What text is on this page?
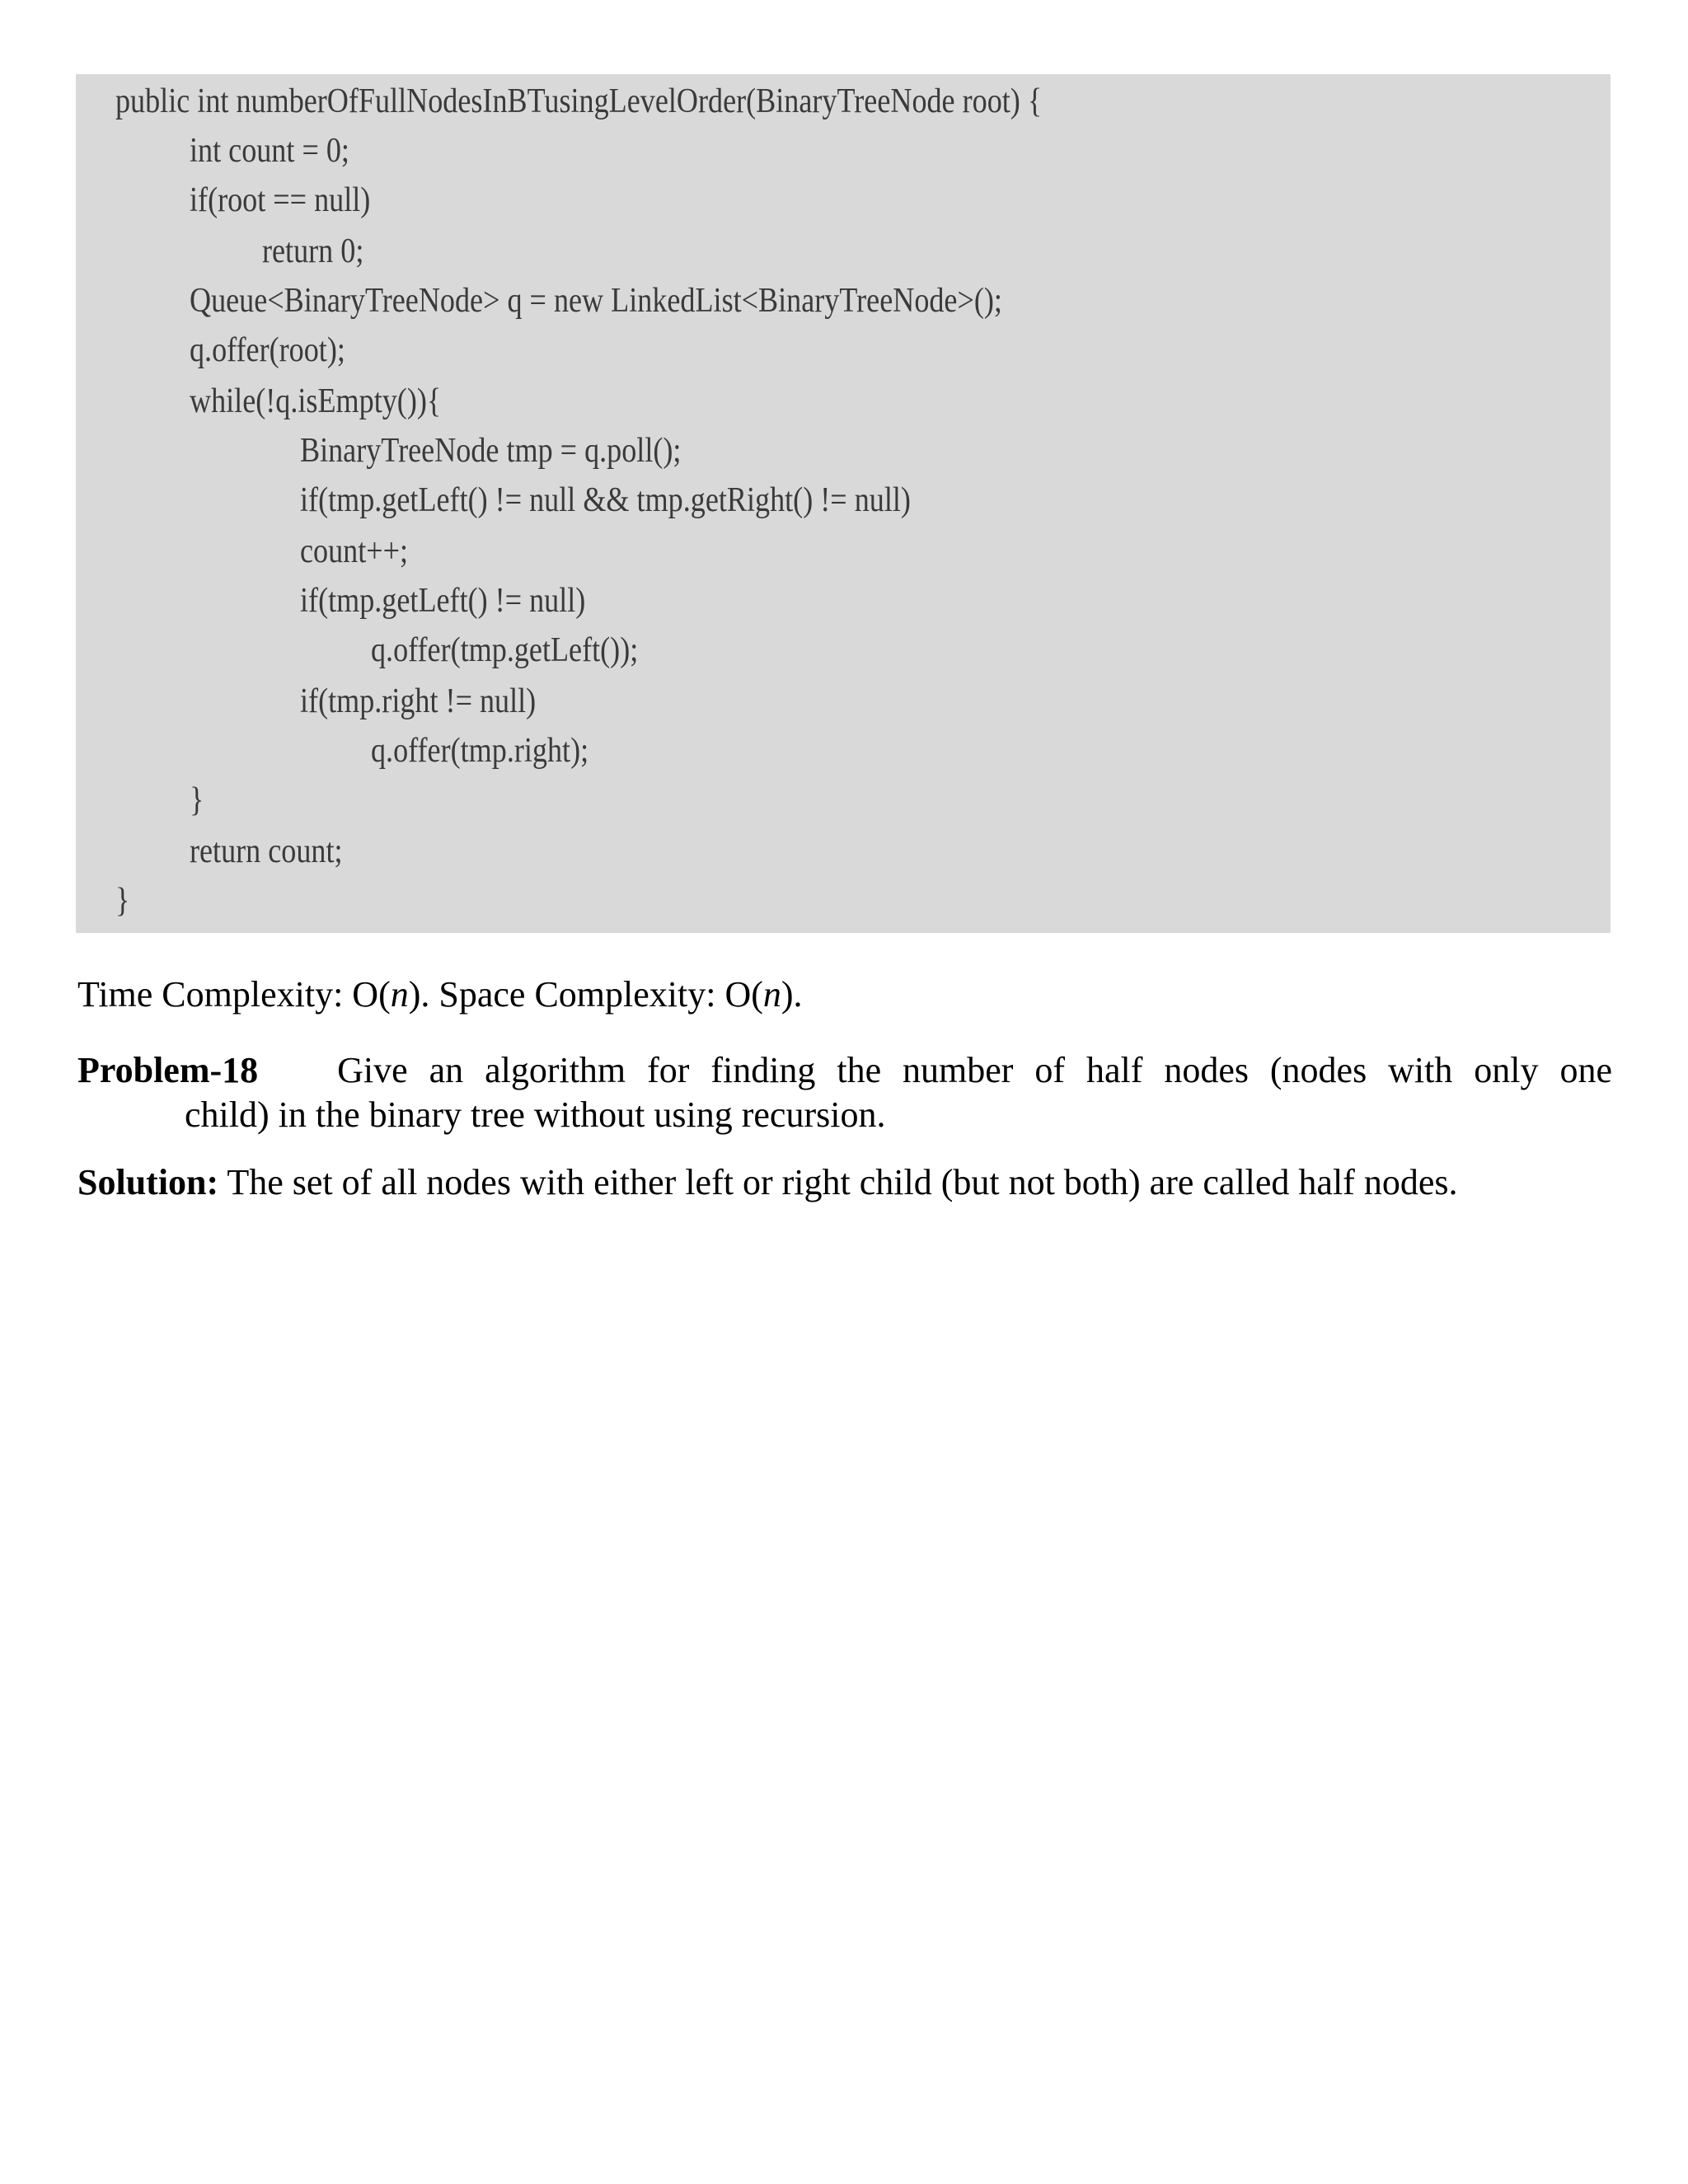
public int numberOfFullNodesInBTusingLevelOrder(BinaryTreeNode root) {
int count = 0;
if(root == null)
return 0;
Queue<BinaryTreeNode> q = new LinkedList<BinaryTreeNode>();
q.offer(root);
while(!q.isEmpty()){
BinaryTreeNode tmp = q.poll();
if(tmp.getLeft() != null && tmp.getRight() != null)
count++;
if(tmp.getLeft() != null)
q.offer(tmp.getLeft());
if(tmp.right != null)
q.offer(tmp.right);
}
return count;
}
Time Complexity: O(n). Space Complexity: O(n).
Problem-18 Give an algorithm for finding the number of half nodes (nodes with only one
child) in the binary tree without using recursion.
Solution: The set of all nodes with either left or right child (but not both) are called half nodes.
